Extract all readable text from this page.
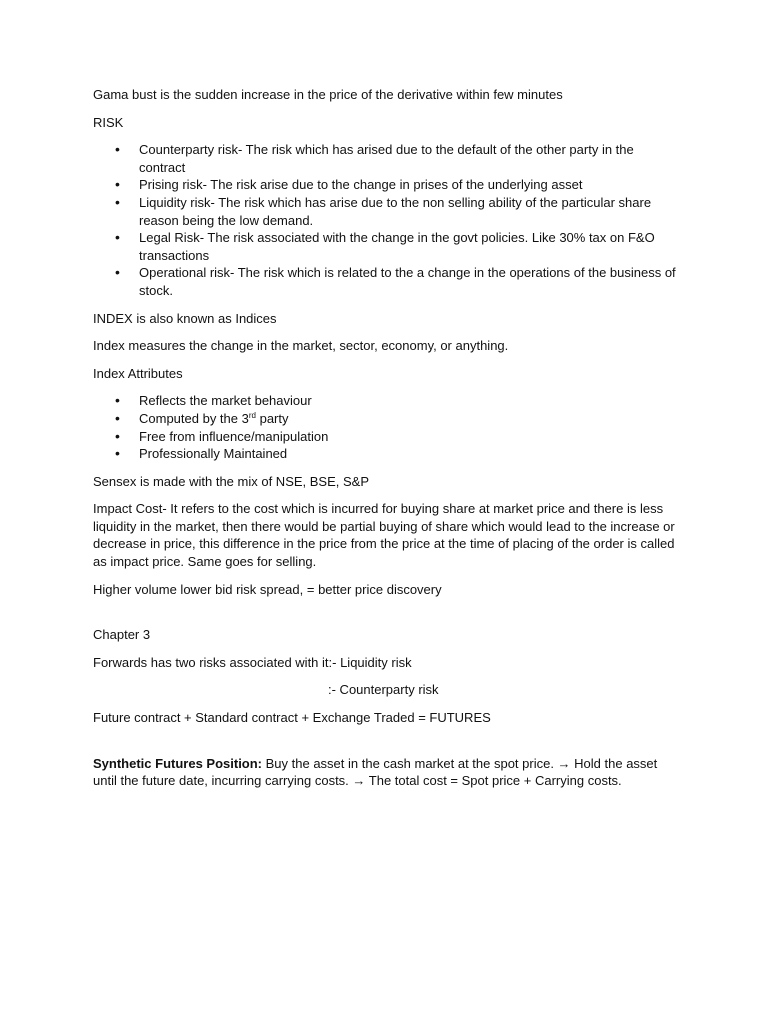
Gama bust is the sudden increase in the price of the derivative within few minutes

RISK

• Counterparty risk- The risk which has arised due to the default of the other party in the contract
• Prising risk- The risk arise due to the change in prises of the underlying asset
• Liquidity risk- The risk which has arise due to the non selling ability of the particular share reason being the low demand.
• Legal Risk- The risk associated with the change in the govt policies. Like 30% tax on F&O transactions
• Operational risk- The risk which is related to the a change in the operations of the business of stock.

INDEX is also known as Indices

Index measures the change in the market, sector, economy, or anything.

Index Attributes

• Reflects the market behaviour
• Computed by the 3rd party
• Free from influence/manipulation
• Professionally Maintained

Sensex is made with the mix of NSE, BSE, S&P

Impact Cost- It refers to the cost which is incurred for buying share at market price and there is less liquidity in the market, then there would be partial buying of share which would lead to the increase or decrease in price, this difference in the price from the price at the time of placing of the order is called as impact price. Same goes for selling.

Higher volume lower bid risk spread, = better price discovery

Chapter 3

Forwards has two risks associated with it:- Liquidity risk

:- Counterparty risk

Future contract + Standard contract + Exchange Traded = FUTURES

Synthetic Futures Position: Buy the asset in the cash market at the spot price. → Hold the asset until the future date, incurring carrying costs. → The total cost = Spot price + Carrying costs.
